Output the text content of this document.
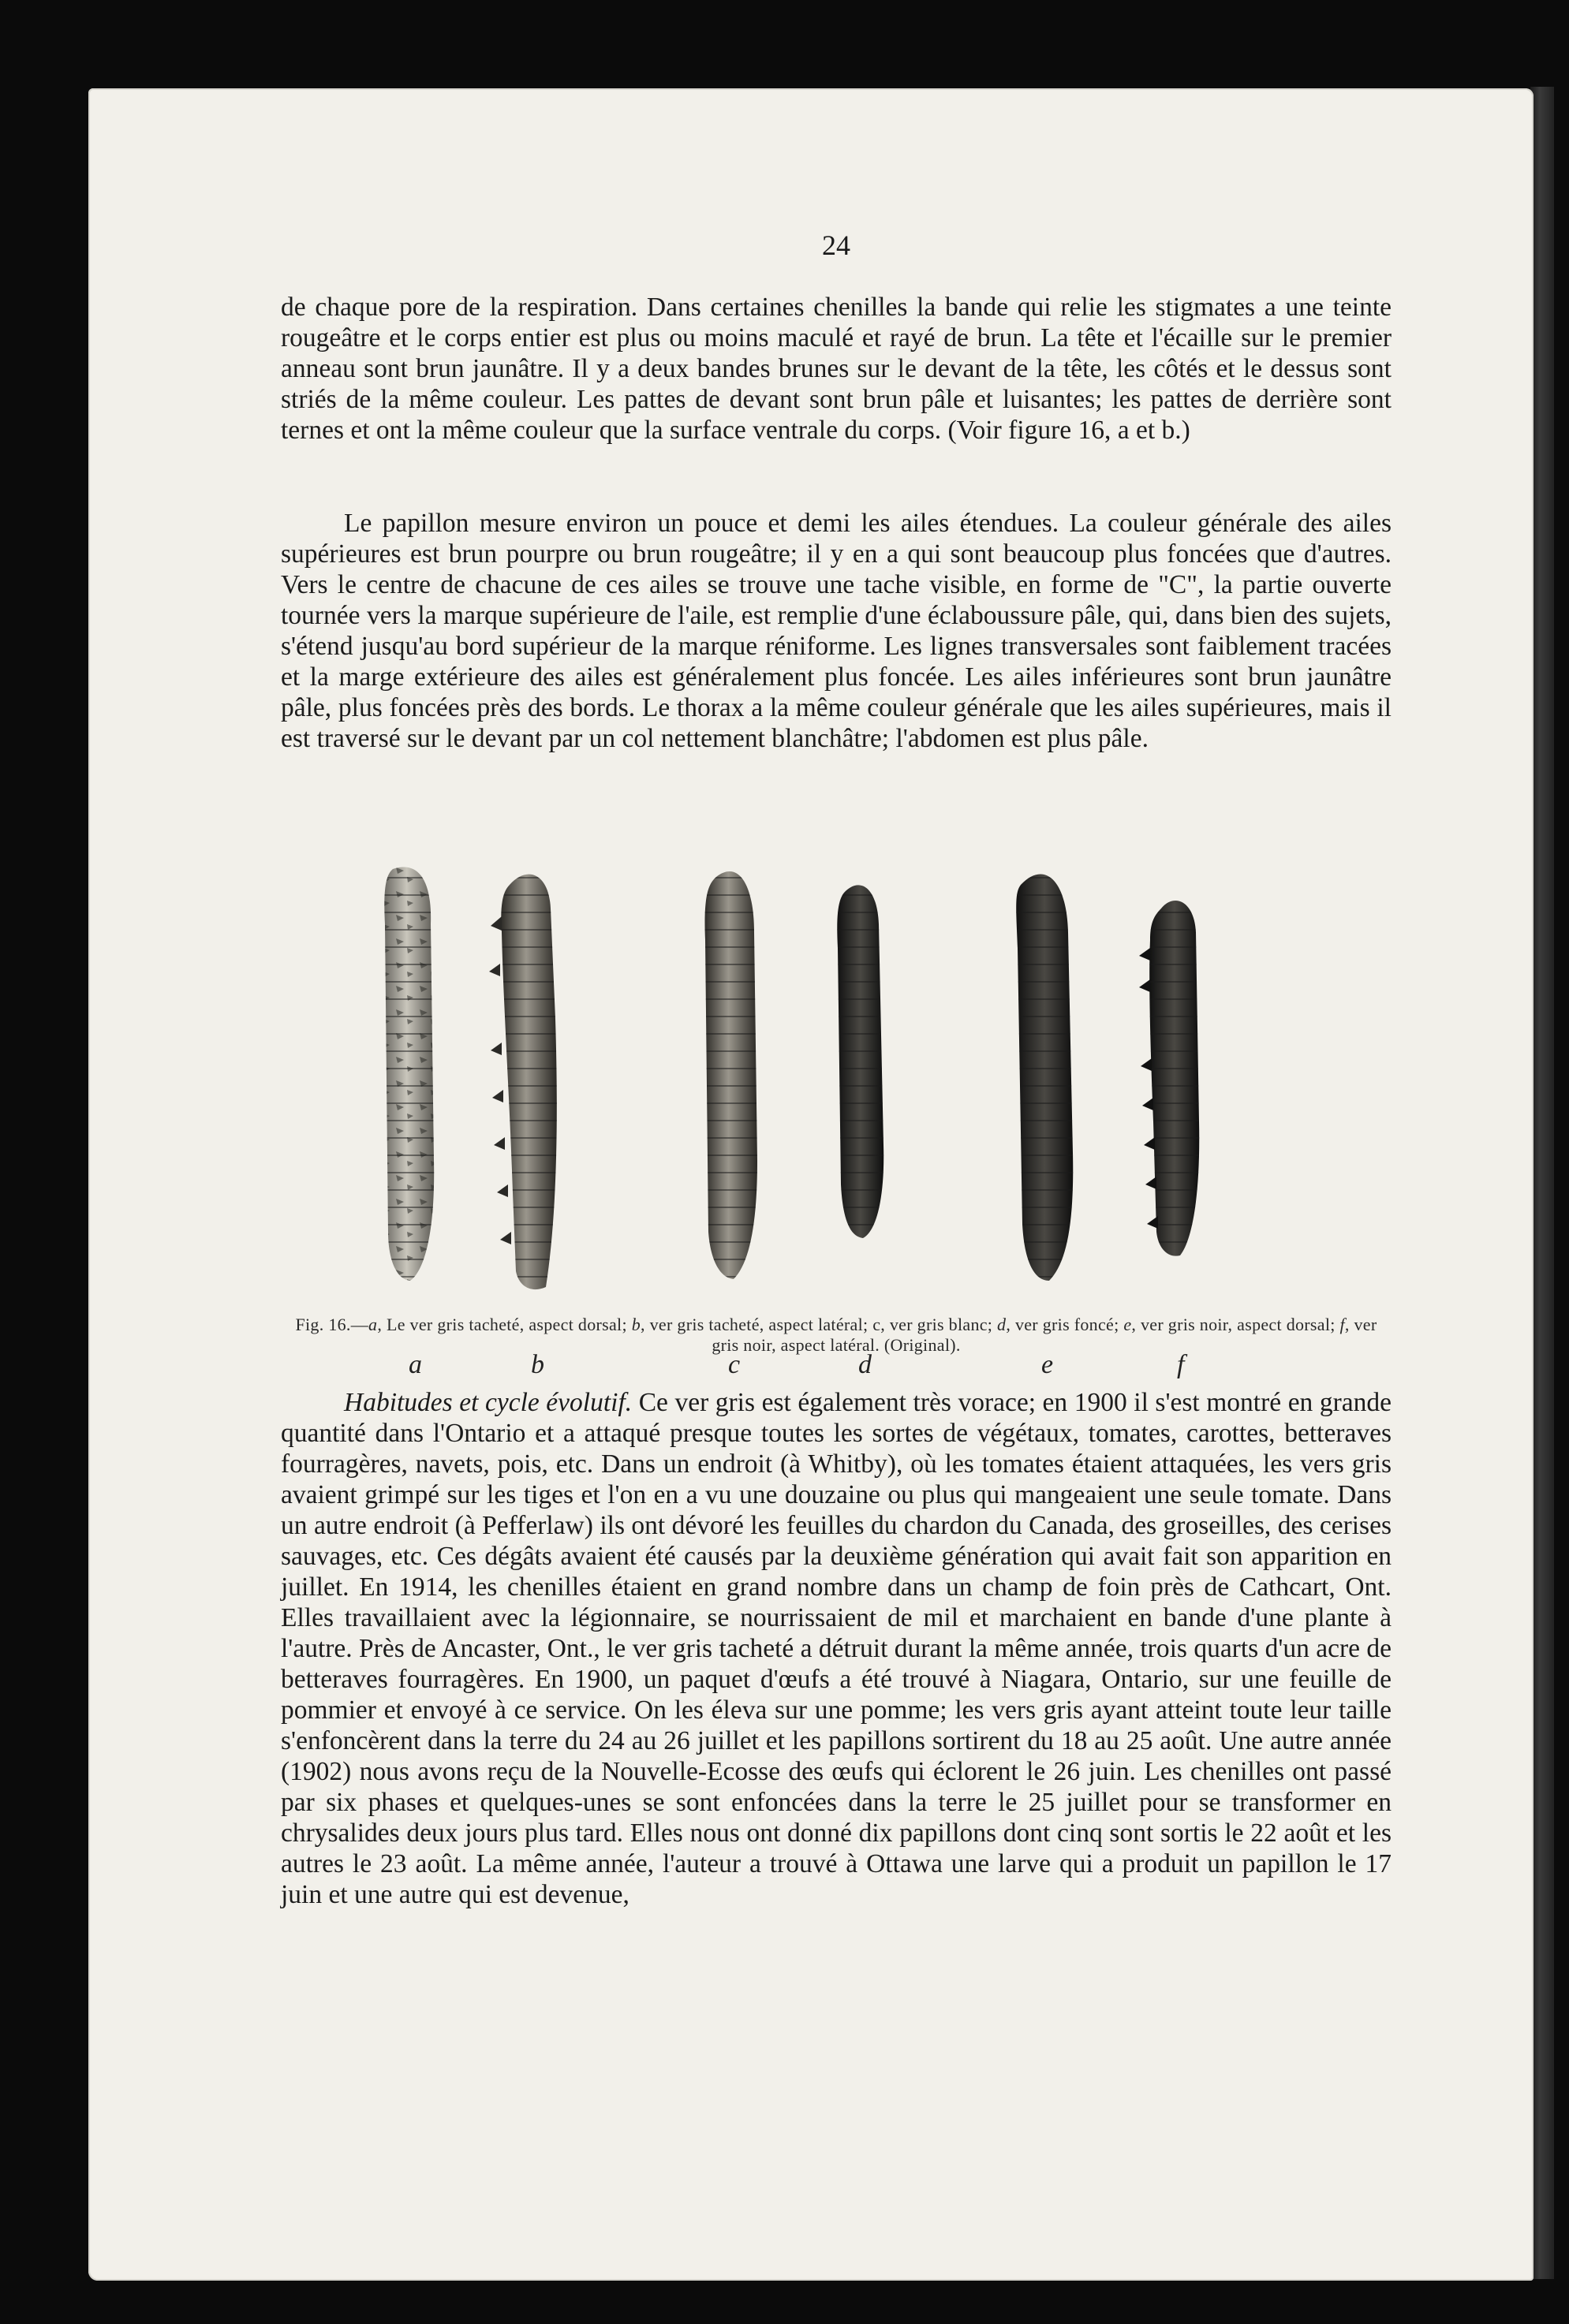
24

de chaque pore de la respiration. Dans certaines chenilles la bande qui relie les stigmates a une teinte rougeâtre et le corps entier est plus ou moins maculé et rayé de brun. La tête et l'écaille sur le premier anneau sont brun jaunâtre. Il y a deux bandes brunes sur le devant de la tête, les côtés et le dessus sont striés de la même couleur. Les pattes de devant sont brun pâle et luisantes; les pattes de derrière sont ternes et ont la même couleur que la surface ventrale du corps. (Voir figure 16, a et b.)

Le papillon mesure environ un pouce et demi les ailes étendues. La couleur générale des ailes supérieures est brun pourpre ou brun rougeâtre; il y en a qui sont beaucoup plus foncées que d'autres. Vers le centre de chacune de ces ailes se trouve une tache visible, en forme de "C", la partie ouverte tournée vers la marque supérieure de l'aile, est remplie d'une éclaboussure pâle, qui, dans bien des sujets, s'étend jusqu'au bord supérieur de la marque réniforme. Les lignes transversales sont faiblement tracées et la marge extérieure des ailes est généralement plus foncée. Les ailes inférieures sont brun jaunâtre pâle, plus foncées près des bords. Le thorax a la même couleur générale que les ailes supérieures, mais il est traversé sur le devant par un col nettement blanchâtre; l'abdomen est plus pâle.

a	b	c	d	e	f
Fig. 16.—a, Le ver gris tacheté, aspect dorsal; b, ver gris tacheté, aspect latéral; c, ver gris blanc; d, ver gris foncé; e, ver gris noir, aspect dorsal; f, ver gris noir, aspect latéral. (Original).

Habitudes et cycle évolutif. Ce ver gris est également très vorace; en 1900 il s'est montré en grande quantité dans l'Ontario et a attaqué presque toutes les sortes de végétaux, tomates, carottes, betteraves fourragères, navets, pois, etc. Dans un endroit (à Whitby), où les tomates étaient attaquées, les vers gris avaient grimpé sur les tiges et l'on en a vu une douzaine ou plus qui mangeaient une seule tomate. Dans un autre endroit (à Pefferlaw) ils ont dévoré les feuilles du chardon du Canada, des groseilles, des cerises sauvages, etc. Ces dégâts avaient été causés par la deuxième génération qui avait fait son apparition en juillet. En 1914, les chenilles étaient en grand nombre dans un champ de foin près de Cathcart, Ont. Elles travaillaient avec la légionnaire, se nourrissaient de mil et marchaient en bande d'une plante à l'autre. Près de Ancaster, Ont., le ver gris tacheté a détruit durant la même année, trois quarts d'un acre de betteraves fourragères. En 1900, un paquet d'œufs a été trouvé à Niagara, Ontario, sur une feuille de pommier et envoyé à ce service. On les éleva sur une pomme; les vers gris ayant atteint toute leur taille s'enfoncèrent dans la terre du 24 au 26 juillet et les papillons sortirent du 18 au 25 août. Une autre année (1902) nous avons reçu de la Nouvelle-Ecosse des œufs qui éclorent le 26 juin. Les chenilles ont passé par six phases et quelques-unes se sont enfoncées dans la terre le 25 juillet pour se transformer en chrysalides deux jours plus tard. Elles nous ont donné dix papillons dont cinq sont sortis le 22 août et les autres le 23 août. La même année, l'auteur a trouvé à Ottawa une larve qui a produit un papillon le 17 juin et une autre qui est devenue,
